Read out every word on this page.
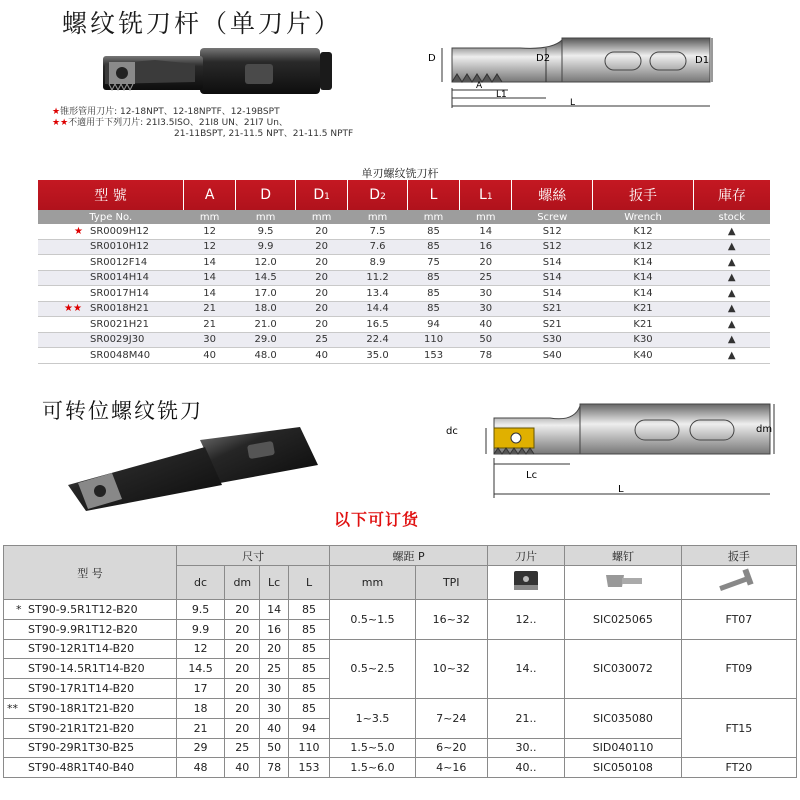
螺纹铣刀杆（单刀片）
D	D2	D1
A
L1
L
★锥形管用刀片: 12-18NPT、12-18NPTF、12-19BSPT
★★不適用于下列刀片: 21I3.5ISO、21I8 UN、21I7 Un、
21-11BSPT, 21-11.5 NPT、21-11.5 NPTF
单刃螺纹铣刀杆
型 號	A	D	D1	D2	L	L1	螺絲	扳手	庫存
Type No.	mm	mm	mm	mm	mm	mm	Screw	Wrench	stock

★ SR0009H12	12	9.5	20	7.5	85	14	S12	K12	▲
SR0010H12	12	9.9	20	7.6	85	16	S12	K12	▲
SR0012F14	14	12.0	20	8.9	75	20	S14	K14	▲
SR0014H14	14	14.5	20	11.2	85	25	S14	K14	▲
SR0017H14	14	17.0	20	13.4	85	30	S14	K14	▲

★★ SR0018H21	21	18.0	20	14.4	85	30	S21	K21	▲
SR0021H21	21	21.0	20	16.5	94	40	S21	K21	▲
SR0029J30	30	29.0	25	22.4	110	50	S30	K30	▲
SR0048M40	40	48.0	40	35.0	153	78	S40	K40	▲
可转位螺纹铣刀
dc	dm
Lc
L
以下可订货
型 号	尺寸				螺距 P		刀片	螺钉	扳手
	dc	dm	Lc	L	mm	TPI			

* ST90-9.5R1T12-B20	9.5	20	14	85	0.5~1.5	16~32	12..	SIC025065	FT07
ST90-9.9R1T12-B20	9.9	20	16	85					
ST90-12R1T14-B20	12	20	20	85	0.5~2.5	10~32	14..	SIC030072	FT09
ST90-14.5R1T14-B20	14.5	20	25	85					
ST90-17R1T14-B20	17	20	30	85					

** ST90-18R1T21-B20	18	20	30	85	1~3.5	7~24	21..	SIC035080	FT15
ST90-21R1T21-B20	21	20	40	94					
ST90-29R1T30-B25	29	25	50	110	1.5~5.0	6~20	30..	SID040110	
ST90-48R1T40-B40	48	40	78	153	1.5~6.0	4~16	40..	SIC050108	FT20
